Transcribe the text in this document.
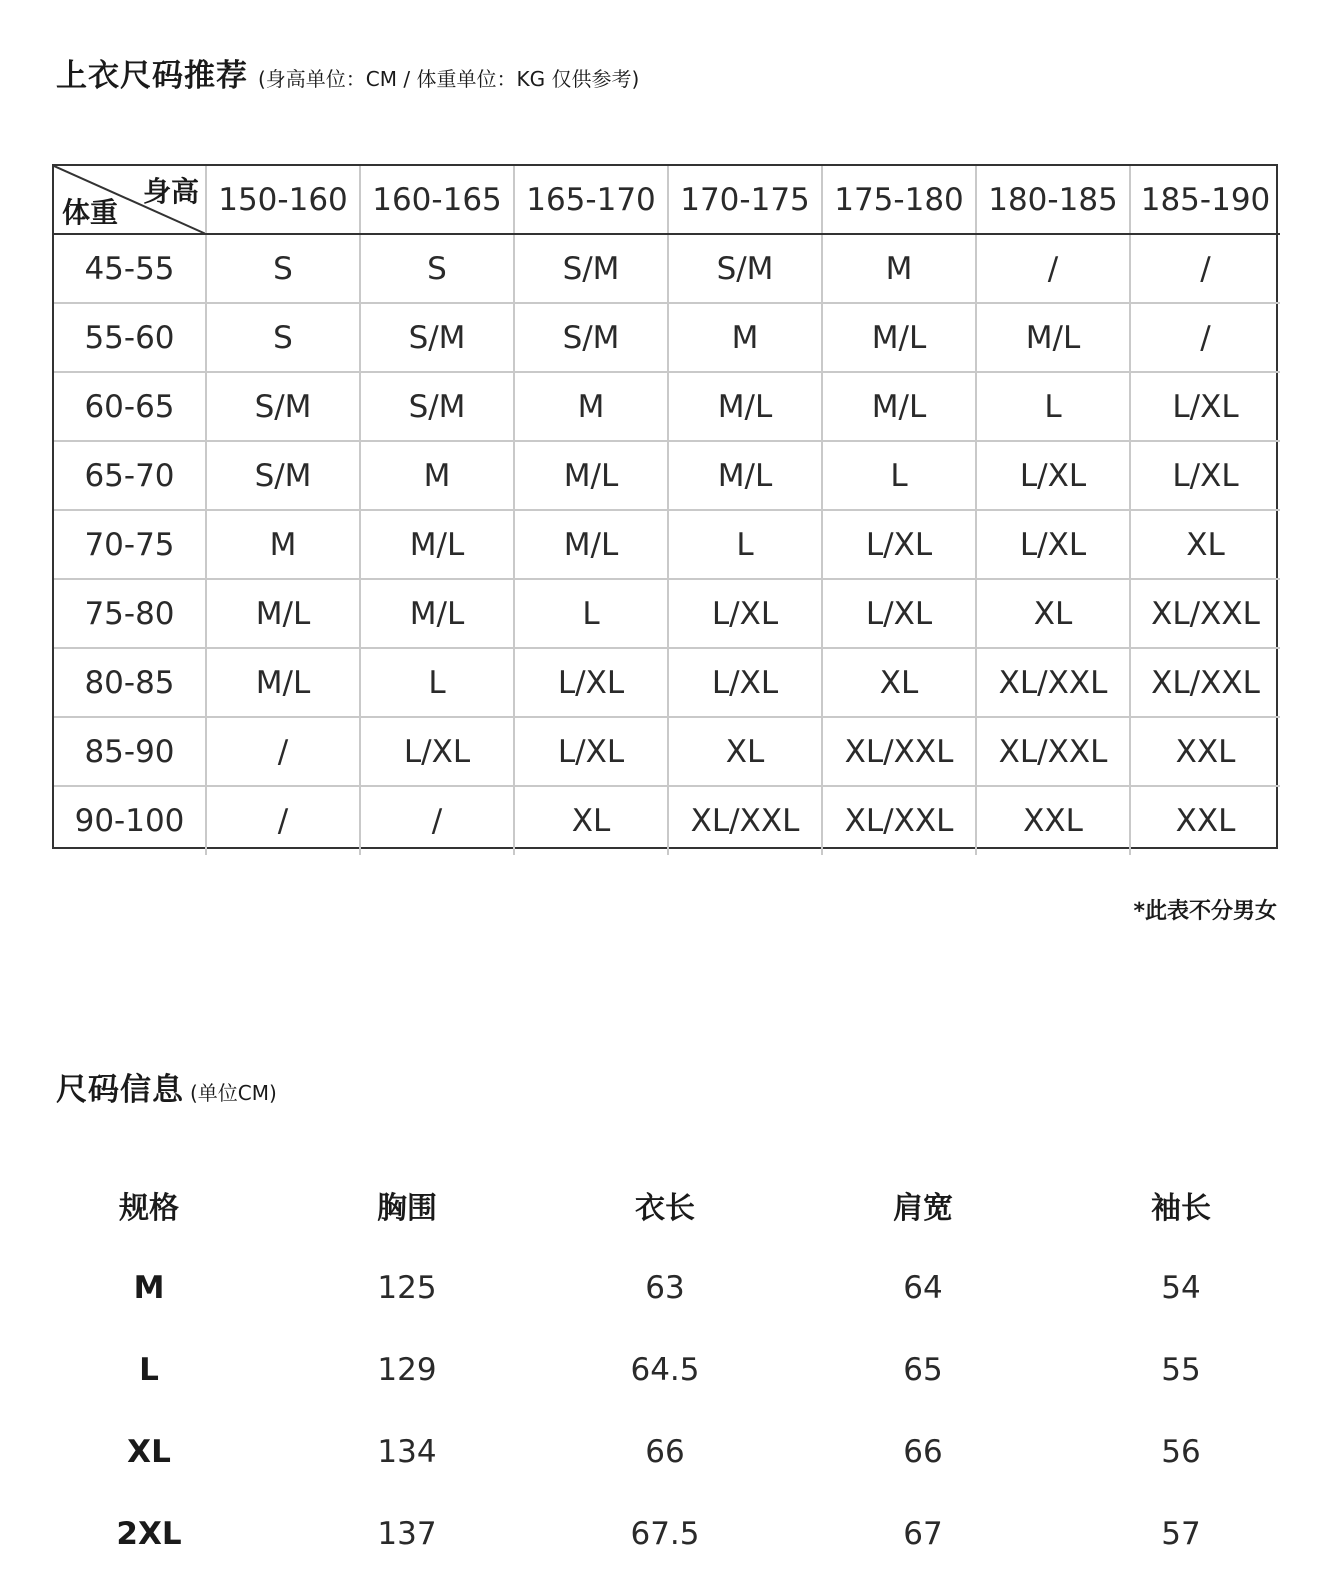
上衣尺码推荐 (身高单位：CM / 体重单位：KG 仅供参考)
身高
体重	150-160	160-165	165-170	170-175	175-180	180-185	185-190
45-55	S	S	S/M	S/M	M	/	/
55-60	S	S/M	S/M	M	M/L	M/L	/
60-65	S/M	S/M	M	M/L	M/L	L	L/XL
65-70	S/M	M	M/L	M/L	L	L/XL	L/XL
70-75	M	M/L	M/L	L	L/XL	L/XL	XL
75-80	M/L	M/L	L	L/XL	L/XL	XL	XL/XXL
80-85	M/L	L	L/XL	L/XL	XL	XL/XXL	XL/XXL
85-90	/	L/XL	L/XL	XL	XL/XXL	XL/XXL	XXL
90-100	/	/	XL	XL/XXL	XL/XXL	XXL	XXL
*此表不分男女
尺码信息 (单位CM)
规格	胸围	衣长	肩宽	袖长
M	125	63	64	54
L	129	64.5	65	55
XL	134	66	66	56
2XL	137	67.5	67	57
